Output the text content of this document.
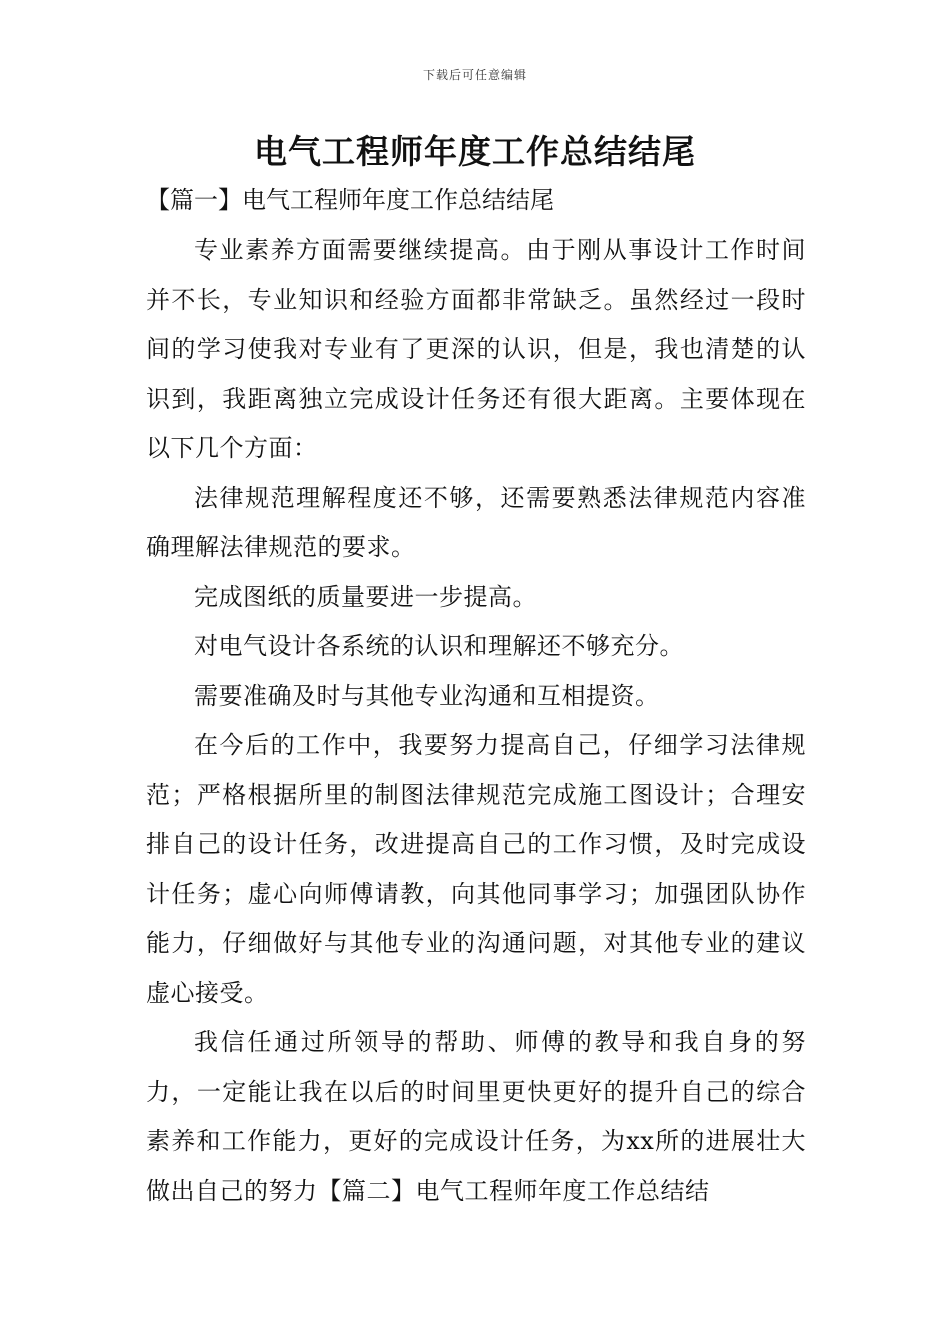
下载后可任意编辑
电气工程师年度工作总结结尾
【篇一】电气工程师年度工作总结结尾

专业素养方面需要继续提高。由于刚从事设计工作时间并不长，专业知识和经验方面都非常缺乏。虽然经过一段时间的学习使我对专业有了更深的认识，但是，我也清楚的认识到，我距离独立完成设计任务还有很大距离。主要体现在以下几个方面：

法律规范理解程度还不够，还需要熟悉法律规范内容准确理解法律规范的要求。

完成图纸的质量要进一步提高。

对电气设计各系统的认识和理解还不够充分。

需要准确及时与其他专业沟通和互相提资。

在今后的工作中，我要努力提高自己，仔细学习法律规范；严格根据所里的制图法律规范完成施工图设计；合理安排自己的设计任务，改进提高自己的工作习惯，及时完成设计任务；虚心向师傅请教，向其他同事学习；加强团队协作能力，仔细做好与其他专业的沟通问题，对其他专业的建议虚心接受。

我信任通过所领导的帮助、师傅的教导和我自身的努力，一定能让我在以后的时间里更快更好的提升自己的综合素养和工作能力，更好的完成设计任务，为xx所的进展壮大做出自己的努力【篇二】电气工程师年度工作总结结
